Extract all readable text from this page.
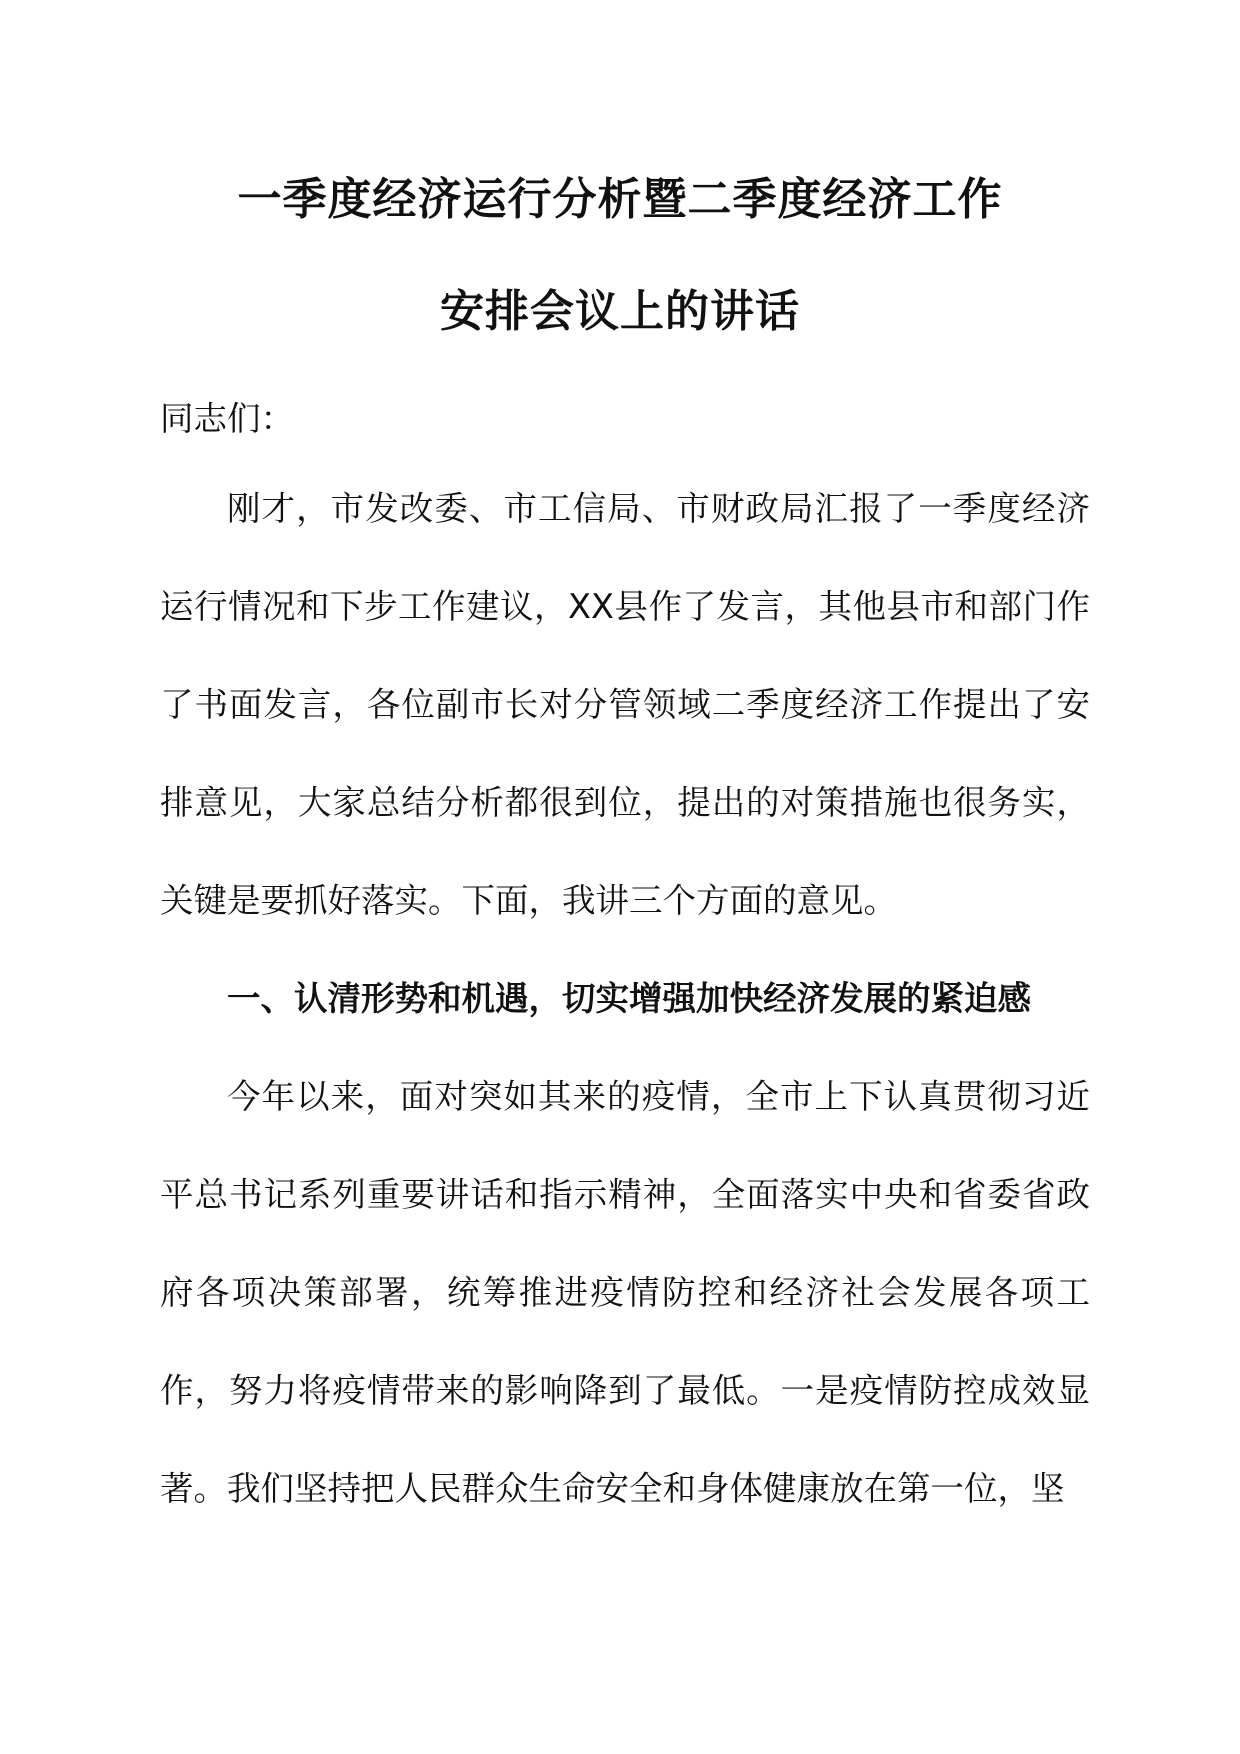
一季度经济运行分析暨二季度经济工作
安排会议上的讲话

同志们：

刚才，市发改委、市工信局、市财政局汇报了一季度经济运行情况和下步工作建议，XX县作了发言，其他县市和部门作了书面发言，各位副市长对分管领域二季度经济工作提出了安排意见，大家总结分析都很到位，提出的对策措施也很务实，关键是要抓好落实。下面，我讲三个方面的意见。

一、认清形势和机遇，切实增强加快经济发展的紧迫感

今年以来，面对突如其来的疫情，全市上下认真贯彻习近平总书记系列重要讲话和指示精神，全面落实中央和省委省政府各项决策部署，统筹推进疫情防控和经济社会发展各项工作，努力将疫情带来的影响降到了最低。一是疫情防控成效显著。我们坚持把人民群众生命安全和身体健康放在第一位，坚
